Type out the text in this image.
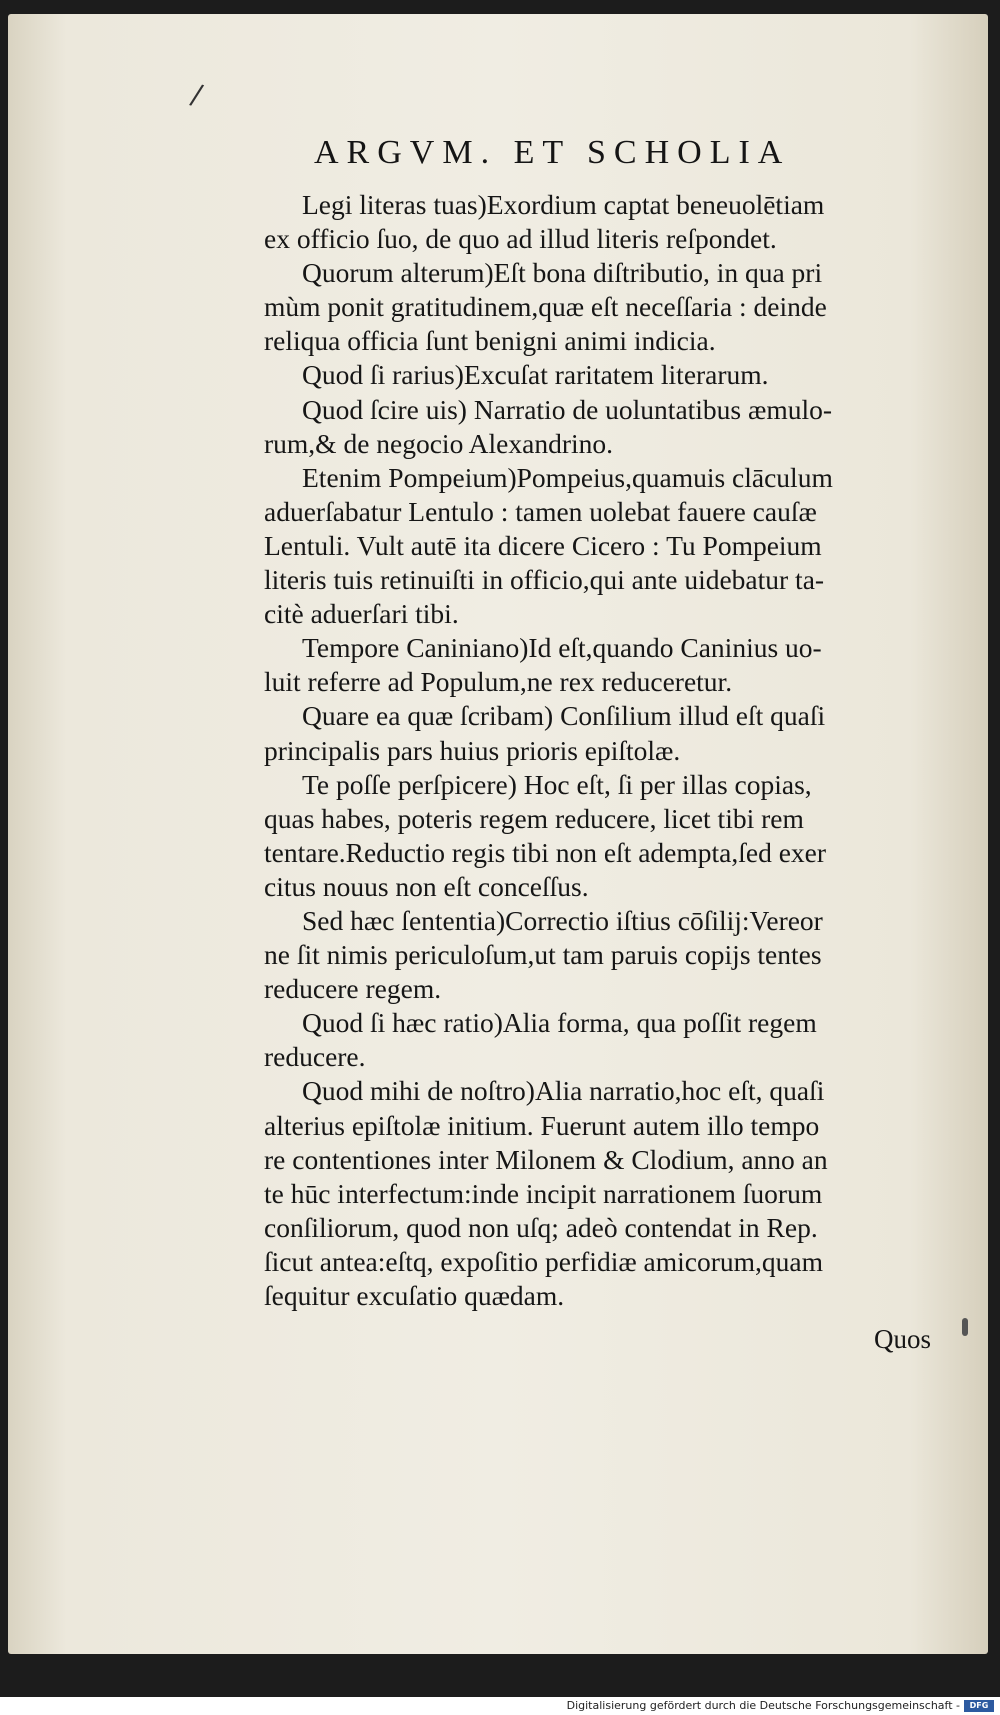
/
ARGVM. ET SCHOLIA

Legi literas tuas)Exordium captat beneuolētiam
ex officio ſuo, de quo ad illud literis reſpondet.

Quorum alterum)Eſt bona diſtributio, in qua pri
mùm ponit gratitudinem,quæ eſt neceſſaria : deinde
reliqua officia ſunt benigni animi indicia.

Quod ſi rarius)Excuſat raritatem literarum.

Quod ſcire uis) Narratio de uoluntatibus æmulo-
rum,& de negocio Alexandrino.

Etenim Pompeium)Pompeius,quamuis clāculum
aduerſabatur Lentulo : tamen uolebat fauere cauſæ
Lentuli. Vult autē ita dicere Cicero : Tu Pompeium
literis tuis retinuiſti in officio,qui ante uidebatur ta-
citè aduerſari tibi.

Tempore Caniniano)Id eſt,quando Caninius uo-
luit referre ad Populum,ne rex reduceretur.

Quare ea quæ ſcribam) Conſilium illud eſt quaſi
principalis pars huius prioris epiſtolæ.

Te poſſe perſpicere) Hoc eſt, ſi per illas copias,
quas habes, poteris regem reducere, licet tibi rem
tentare.Reductio regis tibi non eſt adempta,ſed exer
citus nouus non eſt conceſſus.

Sed hæc ſententia)Correctio iſtius cōſilij:Vereor
ne ſit nimis periculoſum,ut tam paruis copijs tentes
reducere regem.

Quod ſi hæc ratio)Alia forma, qua poſſit regem
reducere.

Quod mihi de noſtro)Alia narratio,hoc eſt, quaſi
alterius epiſtolæ initium. Fuerunt autem illo tempo
re contentiones inter Milonem & Clodium, anno an
te hūc interfectum:inde incipit narrationem ſuorum
conſiliorum, quod non uſq; adeò contendat in Rep.
ſicut antea:eſtq, expoſitio perfidiæ amicorum,quam
ſequitur excuſatio quædam.

Quos
Digitalisierung gefördert durch die Deutsche Forschungsgemeinschaft -	DFG
